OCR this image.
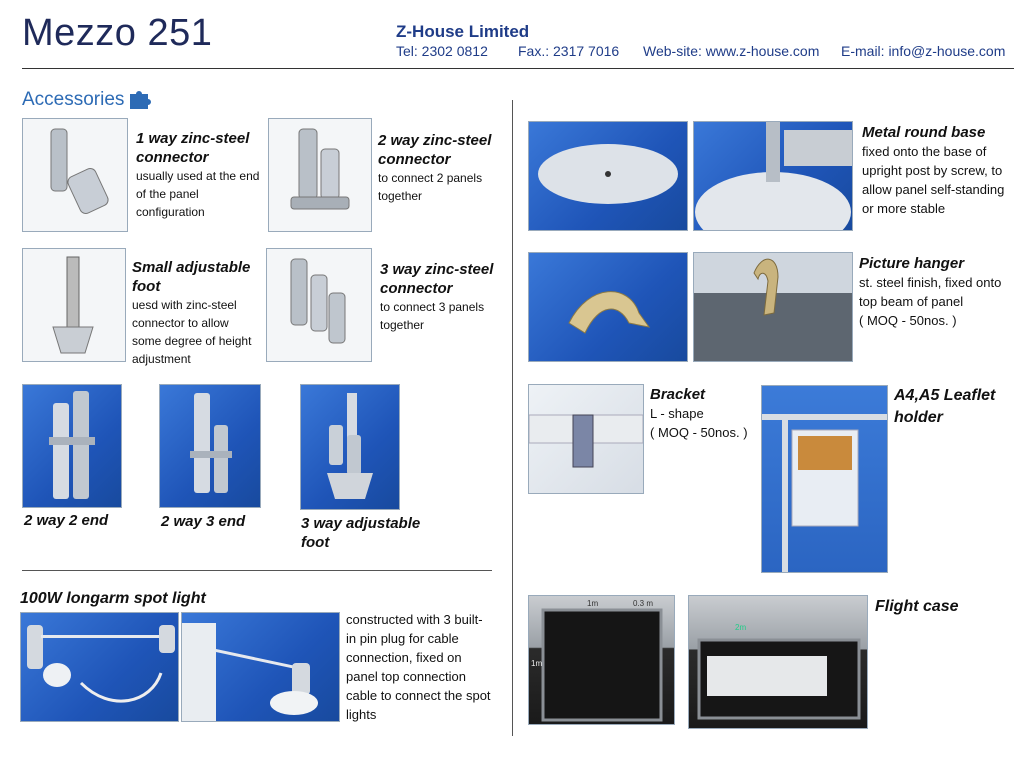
Mezzo 251	Z-House Limited
Tel: 2302 0812 Fax.: 2317 7016 Web-site: www.z-house.com E-mail: info@z-house.com
Accessories
1 way zinc-steel connector
usually used at the end of the panel configuration
2 way zinc-steel connector
to connect 2 panels together
Small adjustable foot
uesd with zinc-steel connector to allow some degree of height adjustment
3 way zinc-steel connector
to connect 3 panels together
2 way 2 end	2 way 3 end	3 way adjustable foot
100W longarm spot light
constructed with 3 built-in pin plug for cable connection, fixed on panel top connection cable to connect the spot lights
Metal round base
fixed onto the base of upright post by screw, to allow panel self-standing or more stable
Picture hanger
st. steel finish, fixed onto top beam of panel
( MOQ - 50nos. )
Bracket
L - shape
( MOQ - 50nos. )
A4,A5 Leaflet holder
1m	0.3 m
1m
2m
Flight case
